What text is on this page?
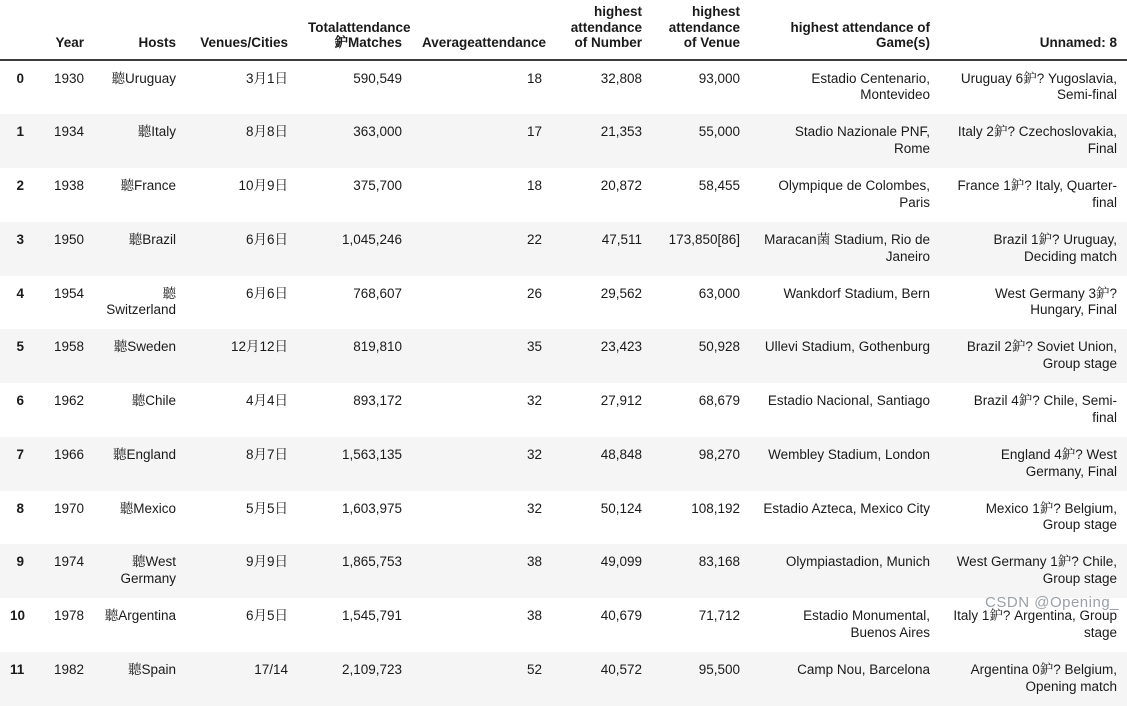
	Year	Hosts	Venues/Cities	Totalattendance鈩Matches	Averageattendance	highest attendance of Number	highest attendance of Venue	highest attendance of Game(s)	Unnamed: 8
0	1930	聽Uruguay	3月1日	590,549	18	32,808	93,000	Estadio Centenario, Montevideo	Uruguay 6鈩? Yugoslavia, Semi-final
1	1934	聽Italy	8月8日	363,000	17	21,353	55,000	Stadio Nazionale PNF, Rome	Italy 2鈩? Czechoslovakia, Final
2	1938	聽France	10月9日	375,700	18	20,872	58,455	Olympique de Colombes, Paris	France 1鈩? Italy, Quarter-final
3	1950	聽Brazil	6月6日	1,045,246	22	47,511	173,850[86]	Maracan菌 Stadium, Rio de Janeiro	Brazil 1鈩? Uruguay, Deciding match
4	1954	聽Switzerland	6月6日	768,607	26	29,562	63,000	Wankdorf Stadium, Bern	West Germany 3鈩? Hungary, Final
5	1958	聽Sweden	12月12日	819,810	35	23,423	50,928	Ullevi Stadium, Gothenburg	Brazil 2鈩? Soviet Union, Group stage
6	1962	聽Chile	4月4日	893,172	32	27,912	68,679	Estadio Nacional, Santiago	Brazil 4鈩? Chile, Semi-final
7	1966	聽England	8月7日	1,563,135	32	48,848	98,270	Wembley Stadium, London	England 4鈩? West Germany, Final
8	1970	聽Mexico	5月5日	1,603,975	32	50,124	108,192	Estadio Azteca, Mexico City	Mexico 1鈩? Belgium, Group stage
9	1974	聽West Germany	9月9日	1,865,753	38	49,099	83,168	Olympiastadion, Munich	West Germany 1鈩? Chile, Group stage
10	1978	聽Argentina	6月5日	1,545,791	38	40,679	71,712	Estadio Monumental, Buenos Aires	Italy 1鈩? Argentina, Group stage
11	1982	聽Spain	17/14	2,109,723	52	40,572	95,500	Camp Nou, Barcelona	Argentina 0鈩? Belgium, Opening match
CSDN @Opening_
